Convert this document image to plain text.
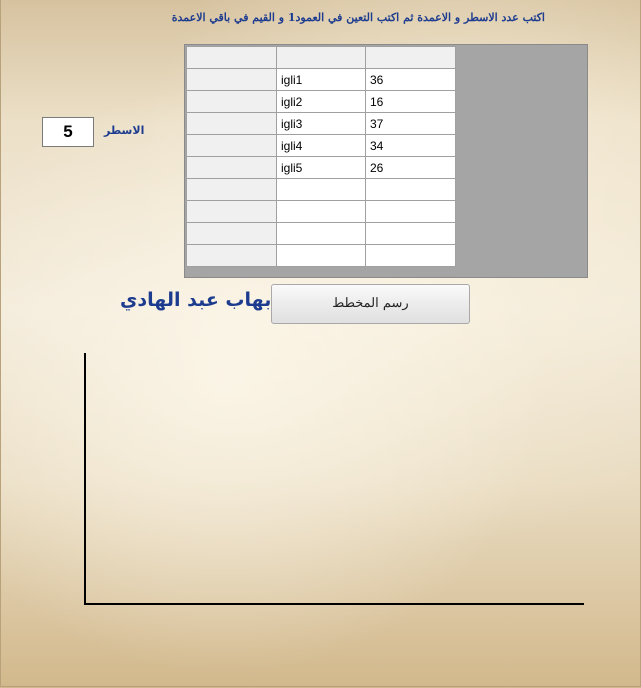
اكتب عدد الاسطر و الاعمدة ثم اكتب التعين في العمود1 و القيم في باقي الاعمدة
الاسطر
5

	igli1	36
	igli2	16
	igli3	37
	igli4	34
	igli5	26

بهاب عبد الهادي	رسم المخطط
